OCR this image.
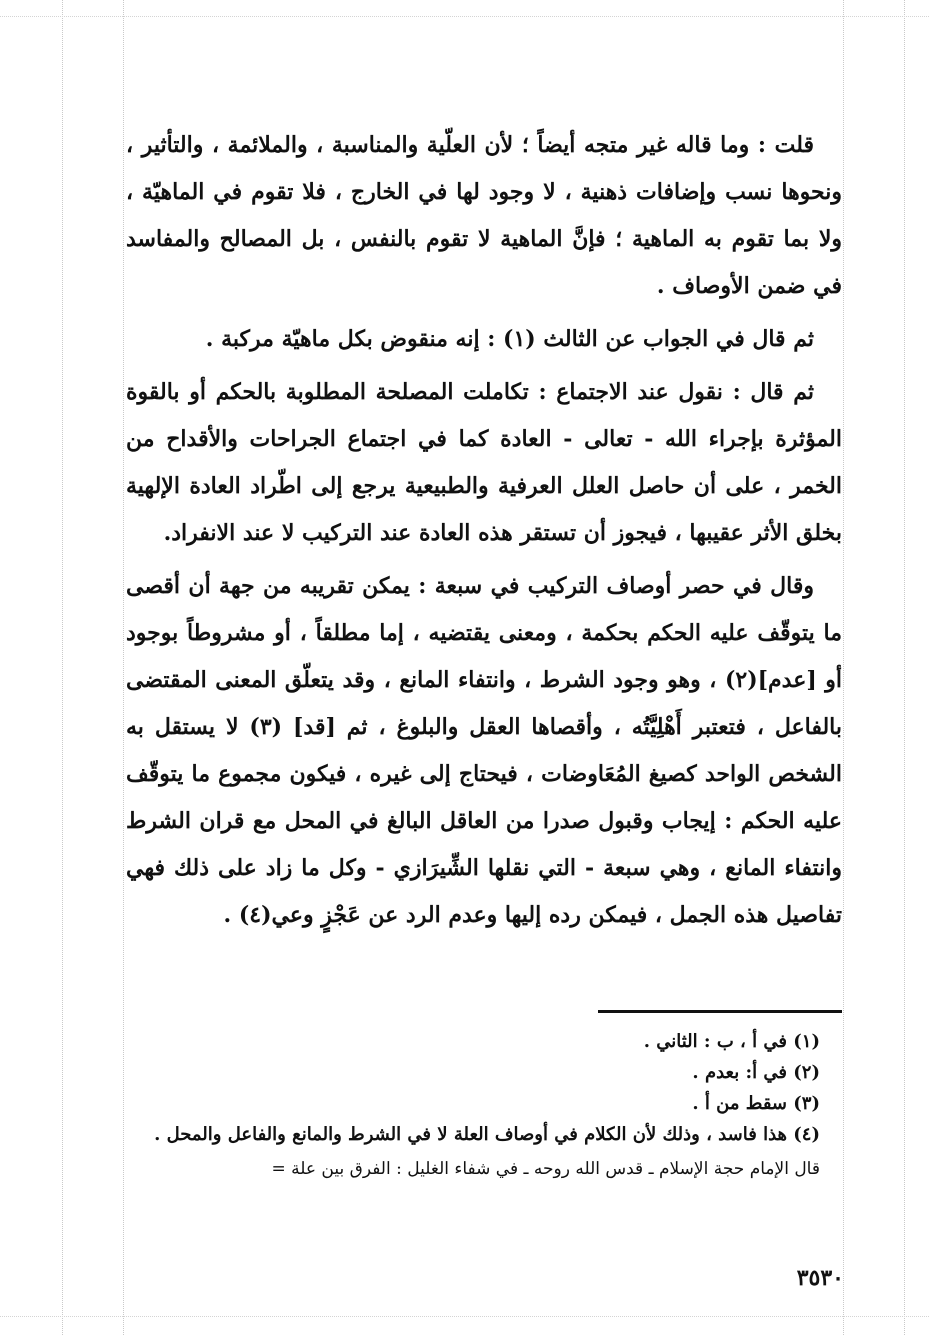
قلت : وما قاله غير متجه أيضاً ؛ لأن العلّية والمناسبة ، والملائمة ، والتأثير ، ونحوها نسب وإضافات ذهنية ، لا وجود لها في الخارج ، فلا تقوم في الماهيّة ، ولا بما تقوم به الماهية ؛ فإنَّ الماهية لا تقوم بالنفس ، بل المصالح والمفاسد في ضمن الأوصاف .

ثم قال في الجواب عن الثالث (١) : إنه منقوض بكل ماهيّة مركبة .

ثم قال : نقول عند الاجتماع : تكاملت المصلحة المطلوبة بالحكم أو بالقوة المؤثرة بإجراء الله - تعالى - العادة كما في اجتماع الجراحات والأقداح من الخمر ، على أن حاصل العلل العرفية والطبيعية يرجع إلى اطّراد العادة الإلهية بخلق الأثر عقيبها ، فيجوز أن تستقر هذه العادة عند التركيب لا عند الانفراد.

وقال في حصر أوصاف التركيب في سبعة : يمكن تقريبه من جهة أن أقصى ما يتوقّف عليه الحكم بحكمة ، ومعنى يقتضيه ، إما مطلقاً ، أو مشروطاً بوجود أو [عدم](٢) ، وهو وجود الشرط ، وانتفاء المانع ، وقد يتعلّق المعنى المقتضى بالفاعل ، فتعتبر أَهْلِيَّتُه ، وأقصاها العقل والبلوغ ، ثم [قد] (٣) لا يستقل به الشخص الواحد كصيغ المُعَاوضات ، فيحتاج إلى غيره ، فيكون مجموع ما يتوقّف عليه الحكم : إيجاب وقبول صدرا من العاقل البالغ في المحل مع قران الشرط وانتفاء المانع ، وهي سبعة - التي نقلها الشِّيرَازي - وكل ما زاد على ذلك فهي تفاصيل هذه الجمل ، فيمكن رده إليها وعدم الرد عن عَجْزٍ وعي(٤) .

(١) في أ ، ب : الثاني .

(٢) في أ: بعدم .

(٣) سقط من أ .

(٤) هذا فاسد ، وذلك لأن الكلام في أوصاف العلة لا في الشرط والمانع والفاعل والمحل .

قال الإمام حجة الإسلام ـ قدس الله روحه ـ في شفاء الغليل : الفرق بين علة =

٣٥٣٠
